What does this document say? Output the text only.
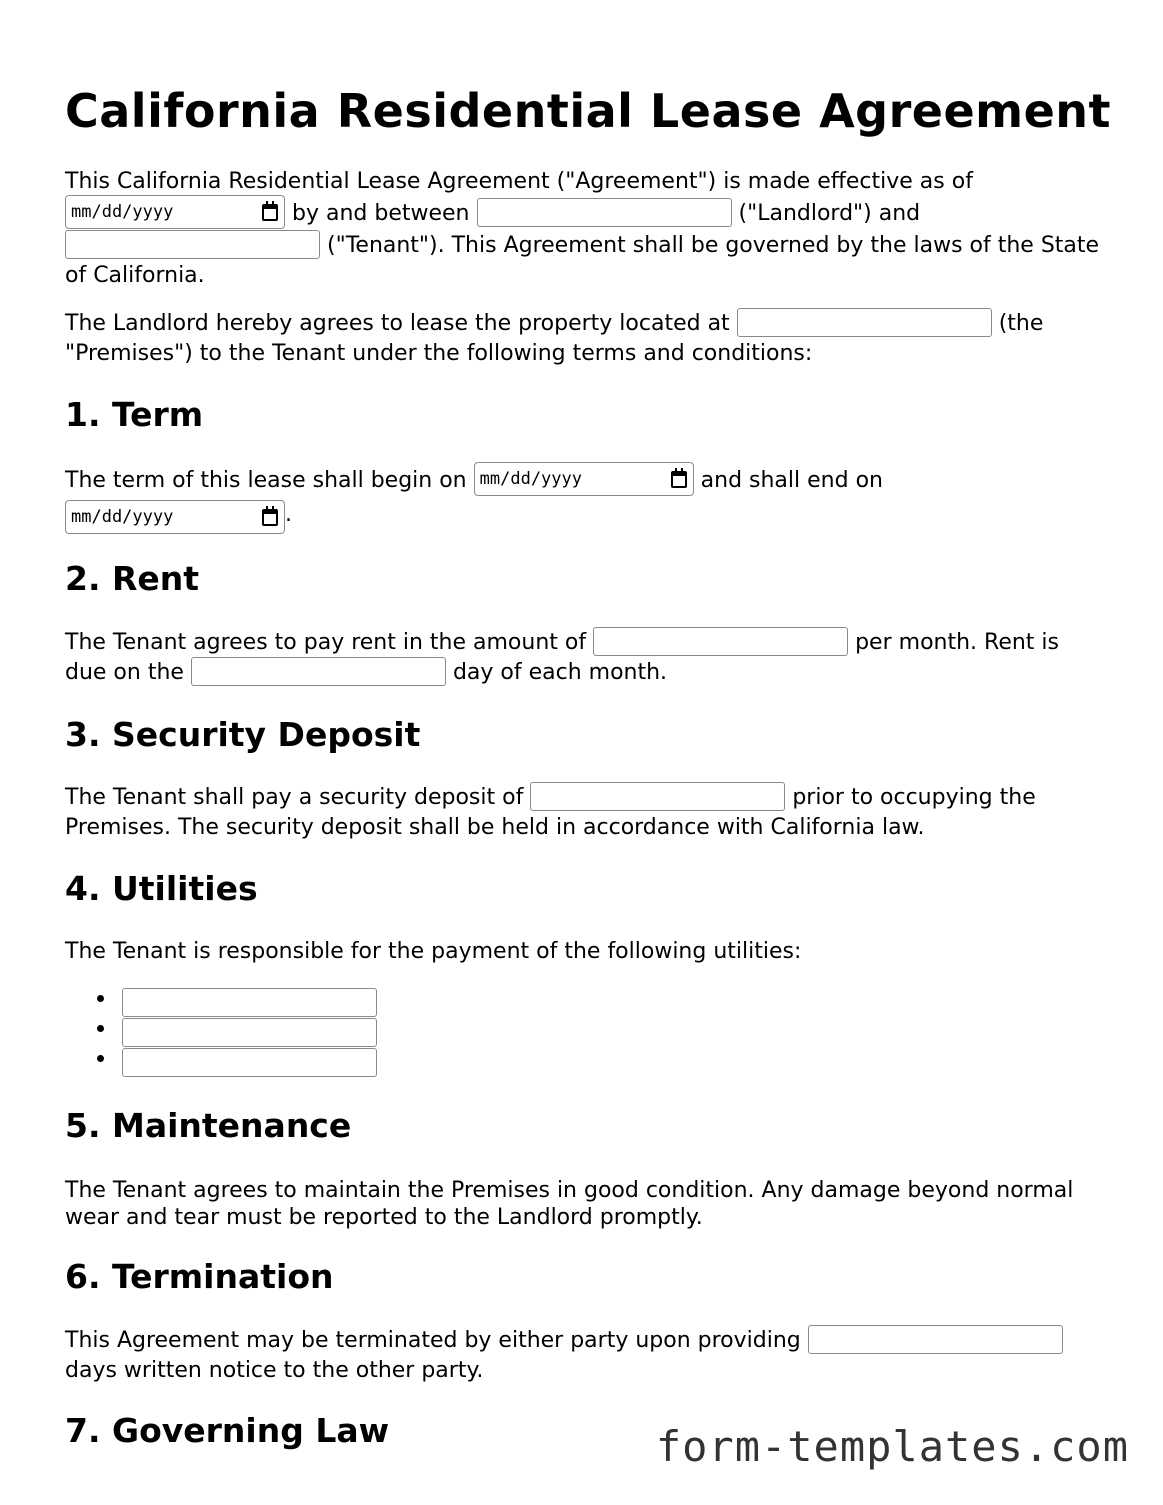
California Residential Lease Agreement

This California Residential Lease Agreement ("Agreement") is made effective as of

mm/dd/yyyy	by and between	("Landlord") and
("Tenant"). This Agreement shall be governed by the laws of the State of California.

The Landlord hereby agrees to lease the property located at	(the "Premises") to the Tenant under the following terms and conditions:

1. Term

The term of this lease shall begin on mm/dd/yyyy	and shall end on

mm/dd/yyyy	.

2. Rent

The Tenant agrees to pay rent in the amount of	per month. Rent is due on the	day of each month.

3. Security Deposit

The Tenant shall pay a security deposit of	prior to occupying the Premises. The security deposit shall be held in accordance with California law.

4. Utilities

The Tenant is responsible for the payment of the following utilities:

5. Maintenance

The Tenant agrees to maintain the Premises in good condition. Any damage beyond normal wear and tear must be reported to the Landlord promptly.

6. Termination

This Agreement may be terminated by either party upon providing  days written notice to the other party.

7. Governing Law	form-templates.com
